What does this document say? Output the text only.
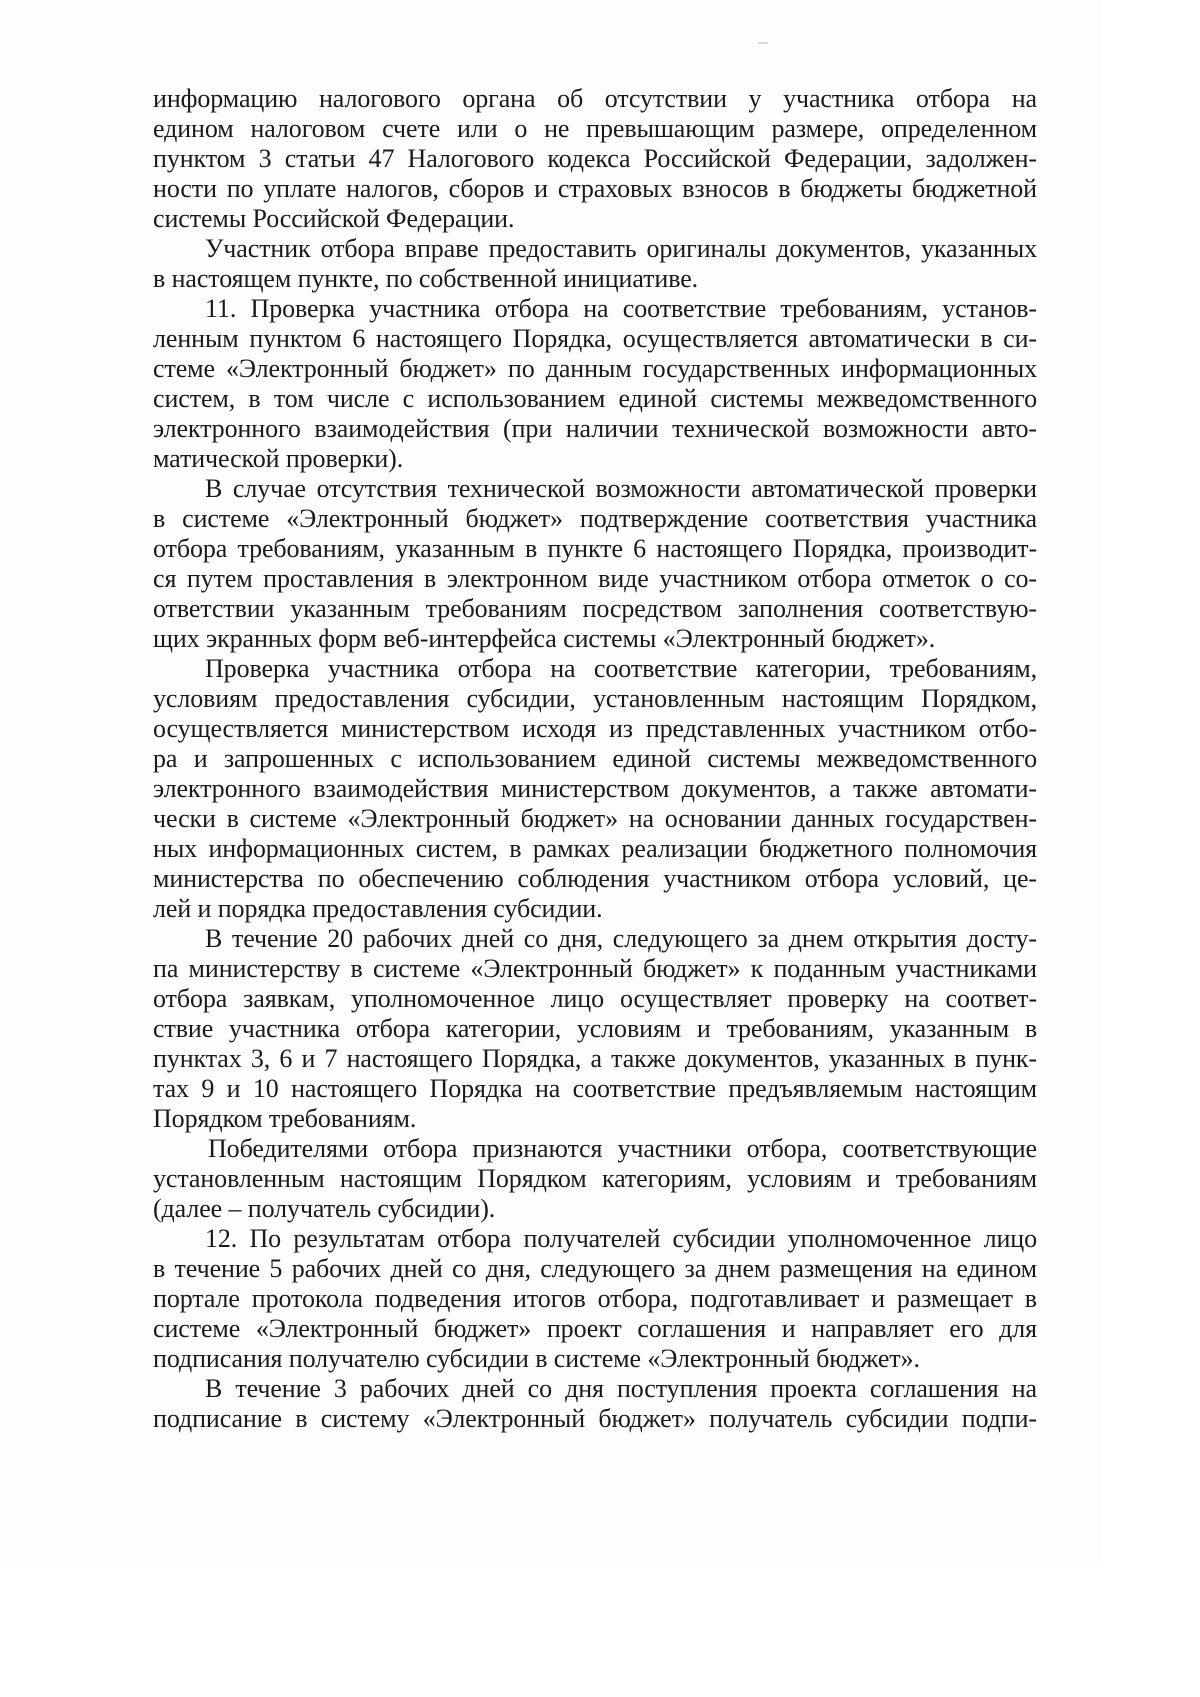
информацию налогового органа об отсутствии у участника отбора на
едином налоговом счете или о не превышающим размере, определенном
пунктом 3 статьи 47 Налогового кодекса Российской Федерации, задолжен-
ности по уплате налогов, сборов и страховых взносов в бюджеты бюджетной
системы Российской Федерации.
Участник отбора вправе предоставить оригиналы документов, указанных
в настоящем пункте, по собственной инициативе.
11. Проверка участника отбора на соответствие требованиям, установ-
ленным пунктом 6 настоящего Порядка, осуществляется автоматически в си-
стеме «Электронный бюджет» по данным государственных информационных
систем, в том числе с использованием единой системы межведомственного
электронного взаимодействия (при наличии технической возможности авто-
матической проверки).
В случае отсутствия технической возможности автоматической проверки
в системе «Электронный бюджет» подтверждение соответствия участника
отбора требованиям, указанным в пункте 6 настоящего Порядка, производит-
ся путем проставления в электронном виде участником отбора отметок о со-
ответствии указанным требованиям посредством заполнения соответствую-
щих экранных форм веб-интерфейса системы «Электронный бюджет».
Проверка участника отбора на соответствие категории, требованиям,
условиям предоставления субсидии, установленным настоящим Порядком,
осуществляется министерством исходя из представленных участником отбо-
ра и запрошенных с использованием единой системы межведомственного
электронного взаимодействия министерством документов, а также автомати-
чески в системе «Электронный бюджет» на основании данных государствен-
ных информационных систем, в рамках реализации бюджетного полномочия
министерства по обеспечению соблюдения участником отбора условий, це-
лей и порядка предоставления субсидии.
В течение 20 рабочих дней со дня, следующего за днем открытия досту-
па министерству в системе «Электронный бюджет» к поданным участниками
отбора заявкам, уполномоченное лицо осуществляет проверку на соответ-
ствие участника отбора категории, условиям и требованиям, указанным в
пунктах 3, 6 и 7 настоящего Порядка, а также документов, указанных в пунк-
тах 9 и 10 настоящего Порядка на соответствие предъявляемым настоящим
Порядком требованиям.
Победителями отбора признаются участники отбора, соответствующие
установленным настоящим Порядком категориям, условиям и требованиям
(далее – получатель субсидии).
12. По результатам отбора получателей субсидии уполномоченное лицо
в течение 5 рабочих дней со дня, следующего за днем размещения на едином
портале протокола подведения итогов отбора, подготавливает и размещает в
системе «Электронный бюджет» проект соглашения и направляет его для
подписания получателю субсидии в системе «Электронный бюджет».
В течение 3 рабочих дней со дня поступления проекта соглашения на
подписание в систему «Электронный бюджет» получатель субсидии подпи-
